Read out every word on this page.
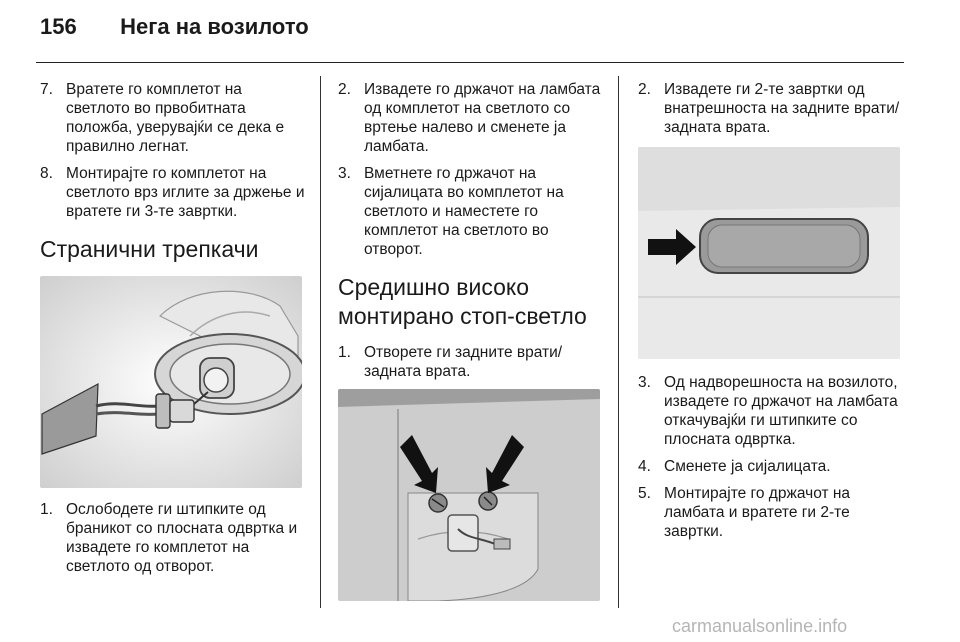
156 Нега на возилото
7. Вратете го комплетот на светлото во првобитната положба, уверувајќи се дека е правилно легнат.
8. Монтирајте го комплетот на светлото врз иглите за држење и вратете ги 3-те завртки.
Странични трепкачи
1. Ослободете ги штипките од браникот со плосната одвртка и извадете го комплетот на светлото од отворот.
2. Извадете го држачот на ламбата од комплетот на светлото со вртење налево и сменете ја ламбата.
3. Вметнете го држачот на сијалицата во комплетот на светлото и наместете го комплетот на светлото во отворот.
Средишно високо
монтирано стоп-светло
1. Отворете ги задните врати/ задната врата.
2. Извадете ги 2-те завртки од внатрешноста на задните врати/задната врата.
3. Од надворешноста на возилото, извадете го држачот на ламбата откачувајќи ги штипките со плосната одвртка.
4. Сменете ја сијалицата.
5. Монтирајте го држачот на ламбата и вратете ги 2-те завртки.
carmanualsonline.info
